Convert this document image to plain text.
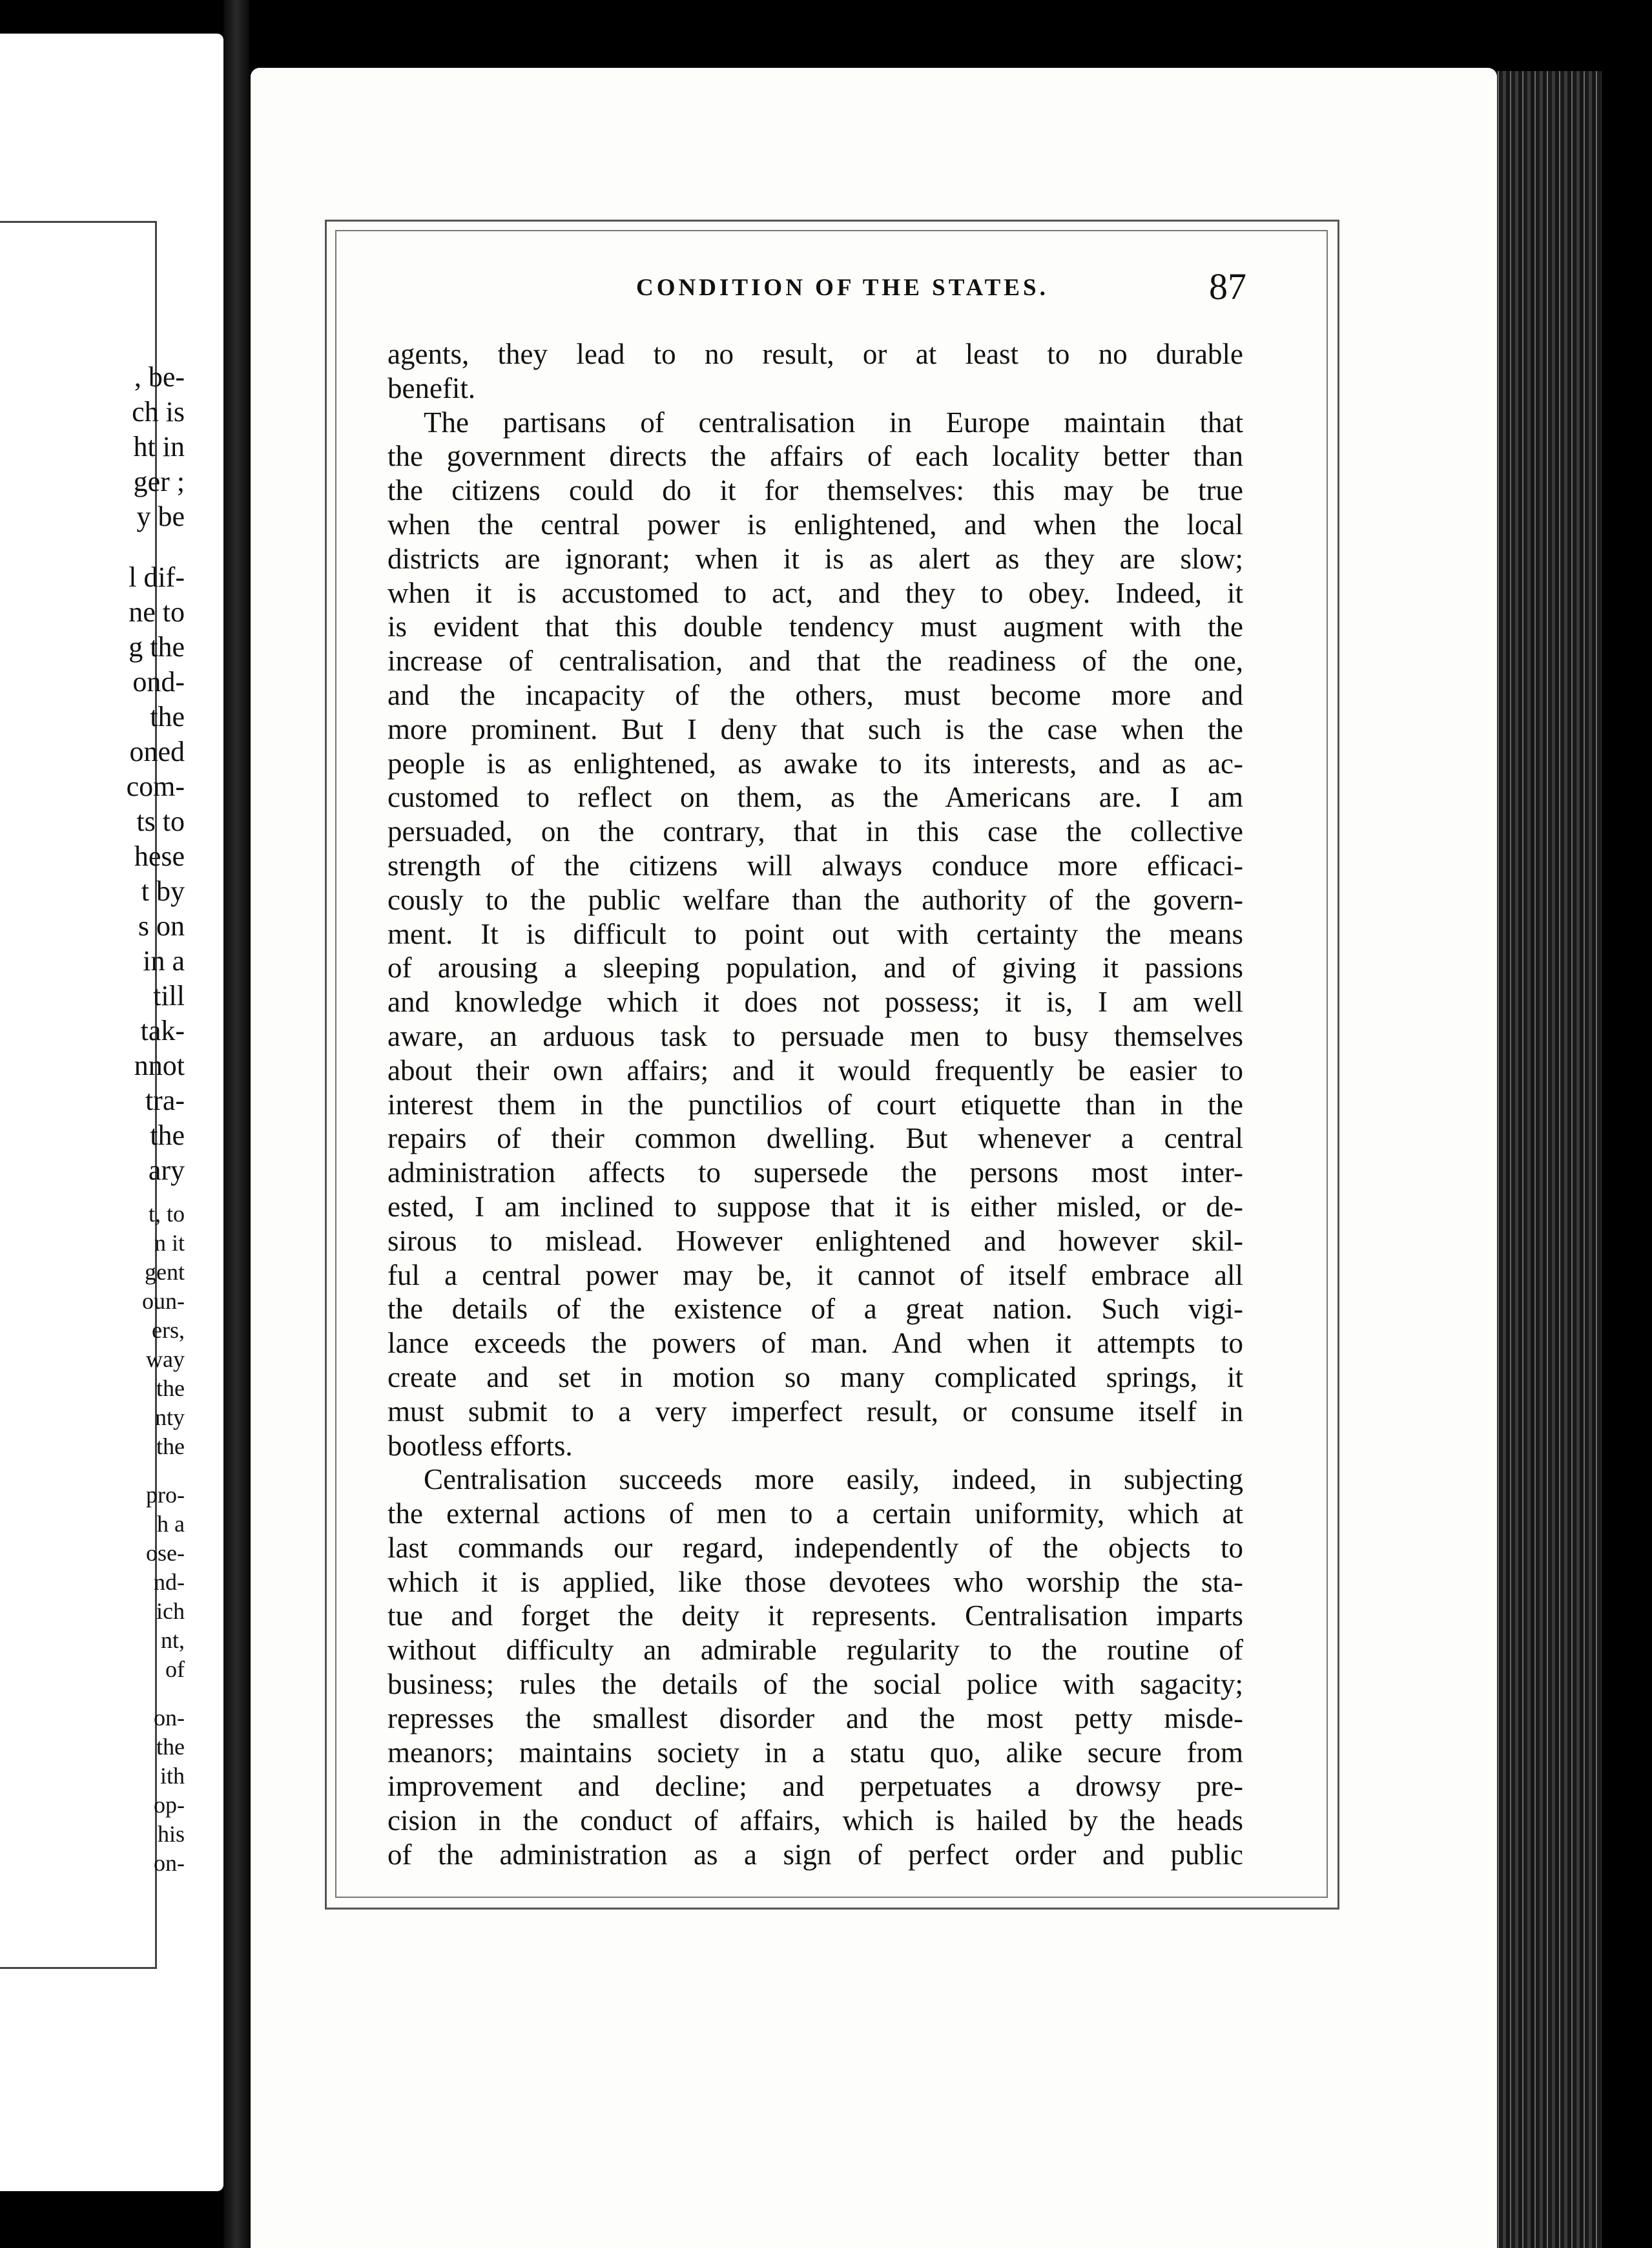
, be-
ch is
ht in
ger ;
y be
l dif-
ne to
g the
ond-
the
oned
com-
ts to
hese
t by
s on
in a
till
tak-
nnot
tra-
the
ary
t, to
n it
gent
oun-
ers,
way
the
nty
the
pro-
h a
ose-
nd-
ich
nt,
of
on-
the
ith
op-
his
on-
CONDITION OF THE STATES.	87
agents, they lead to no result, or at least to no durable
benefit.
The partisans of centralisation in Europe maintain that
the government directs the affairs of each locality better than
the citizens could do it for themselves: this may be true
when the central power is enlightened, and when the local
districts are ignorant; when it is as alert as they are slow;
when it is accustomed to act, and they to obey. Indeed, it
is evident that this double tendency must augment with the
increase of centralisation, and that the readiness of the one,
and the incapacity of the others, must become more and
more prominent. But I deny that such is the case when the
people is as enlightened, as awake to its interests, and as ac-
customed to reflect on them, as the Americans are. I am
persuaded, on the contrary, that in this case the collective
strength of the citizens will always conduce more efficaci-
cously to the public welfare than the authority of the govern-
ment. It is difficult to point out with certainty the means
of arousing a sleeping population, and of giving it passions
and knowledge which it does not possess; it is, I am well
aware, an arduous task to persuade men to busy themselves
about their own affairs; and it would frequently be easier to
interest them in the punctilios of court etiquette than in the
repairs of their common dwelling. But whenever a central
administration affects to supersede the persons most inter-
ested, I am inclined to suppose that it is either misled, or de-
sirous to mislead. However enlightened and however skil-
ful a central power may be, it cannot of itself embrace all
the details of the existence of a great nation. Such vigi-
lance exceeds the powers of man. And when it attempts to
create and set in motion so many complicated springs, it
must submit to a very imperfect result, or consume itself in
bootless efforts.
Centralisation succeeds more easily, indeed, in subjecting
the external actions of men to a certain uniformity, which at
last commands our regard, independently of the objects to
which it is applied, like those devotees who worship the sta-
tue and forget the deity it represents. Centralisation imparts
without difficulty an admirable regularity to the routine of
business; rules the details of the social police with sagacity;
represses the smallest disorder and the most petty misde-
meanors; maintains society in a statu quo, alike secure from
improvement and decline; and perpetuates a drowsy pre-
cision in the conduct of affairs, which is hailed by the heads
of the administration as a sign of perfect order and public
